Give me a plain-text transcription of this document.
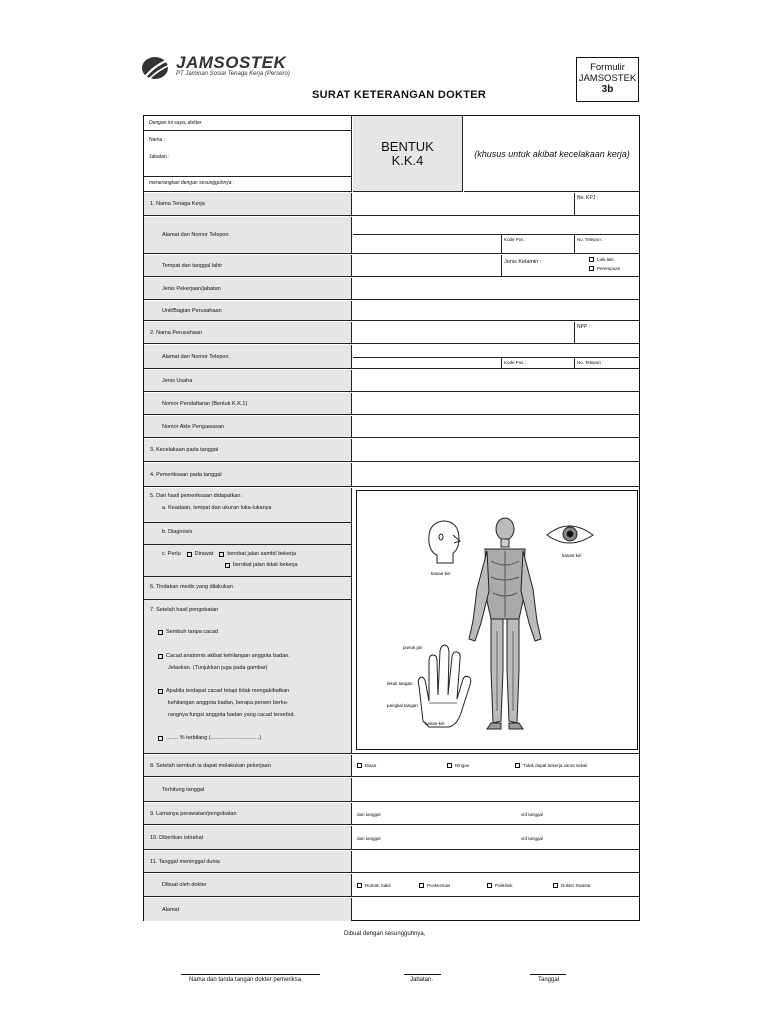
JAMSOSTEK
PT Jaminan Sosial Tenaga Kerja (Persero)
Formulir
JAMSOSTEK
3b
SURAT KETERANGAN DOKTER
Dengan ini saya, dokter
Nama :
Jabatan :
menerangkan dengan sesungguhnya :
BENTUK
K.K.4	(khusus untuk akibat kecelakaan kerja)
1. Nama Tenaga Kerja
No. KPJ :
Alamat dan Nomor Telepon
Kode Pos :	No. Telepon :
Tempat dan tanggal lahir
Jenis Kelamin :	Laki-laki
Perempuan
Jenis Pekerjaan/jabatan
Unit/Bagian Perusahaan
2. Nama Perusahaan
NPP :
Alamat dan Nomor Telepon
Kode Pos :	No. Telepon :
Jenis Usaha
Nomor Pendaftaran (Bentuk K.K.1)
Nomor Akte Pengawasan
3. Kecelakaan pada tanggal
4. Pemeriksaan pada tanggal
5. Dari hasil pemeriksaan didapatkan :
a. Keadaan, tempat dan ukuran luka-lukanya
b. Diagnosis
c. Perlu	Dirawat	berobat jalan sambil bekerja
berobat jalan tidak bekerja
6. Tindakan medis yang dilakukan
7. Setelah hasil pengobatan
Sembuh tanpa cacad
Cacad anatomis akibat kehilangan anggota badan.
Jelaskan. (Tunjukkan juga pada gambar)
Apabila terdapat cacad tetapi tidak mengakibatkan
kehilangan anggota badan, berapa persen berku-
rangnya fungsi anggota badan yang cacad tersebut.
........ % terbilang (................................)
kanan-kiri
kanan-kiri
punuk jari
lekuk tangan
pangkal tangan
kanan-kiri
8. Setelah sembuh ia dapat melakukan pekerjaan	Biasa	Ringan	Tidak dapat bekerja sama sekali
Terhitung tanggal
9. Lamanya perawatan/pengobatan	dari tanggal	s/d tanggal
10. Diberikan istirahat	dari tanggal	s/d tanggal
11. Tanggal meninggal dunia
Dibuat oleh dokter	Rumah Sakit	Puskesmas	Poliklinik	Dokter Swasta
Alamat
Dibuat dengan sesungguhnya,
Nama dan tanda tangan dokter pemeriksa.	Jabatan.	Tanggal
